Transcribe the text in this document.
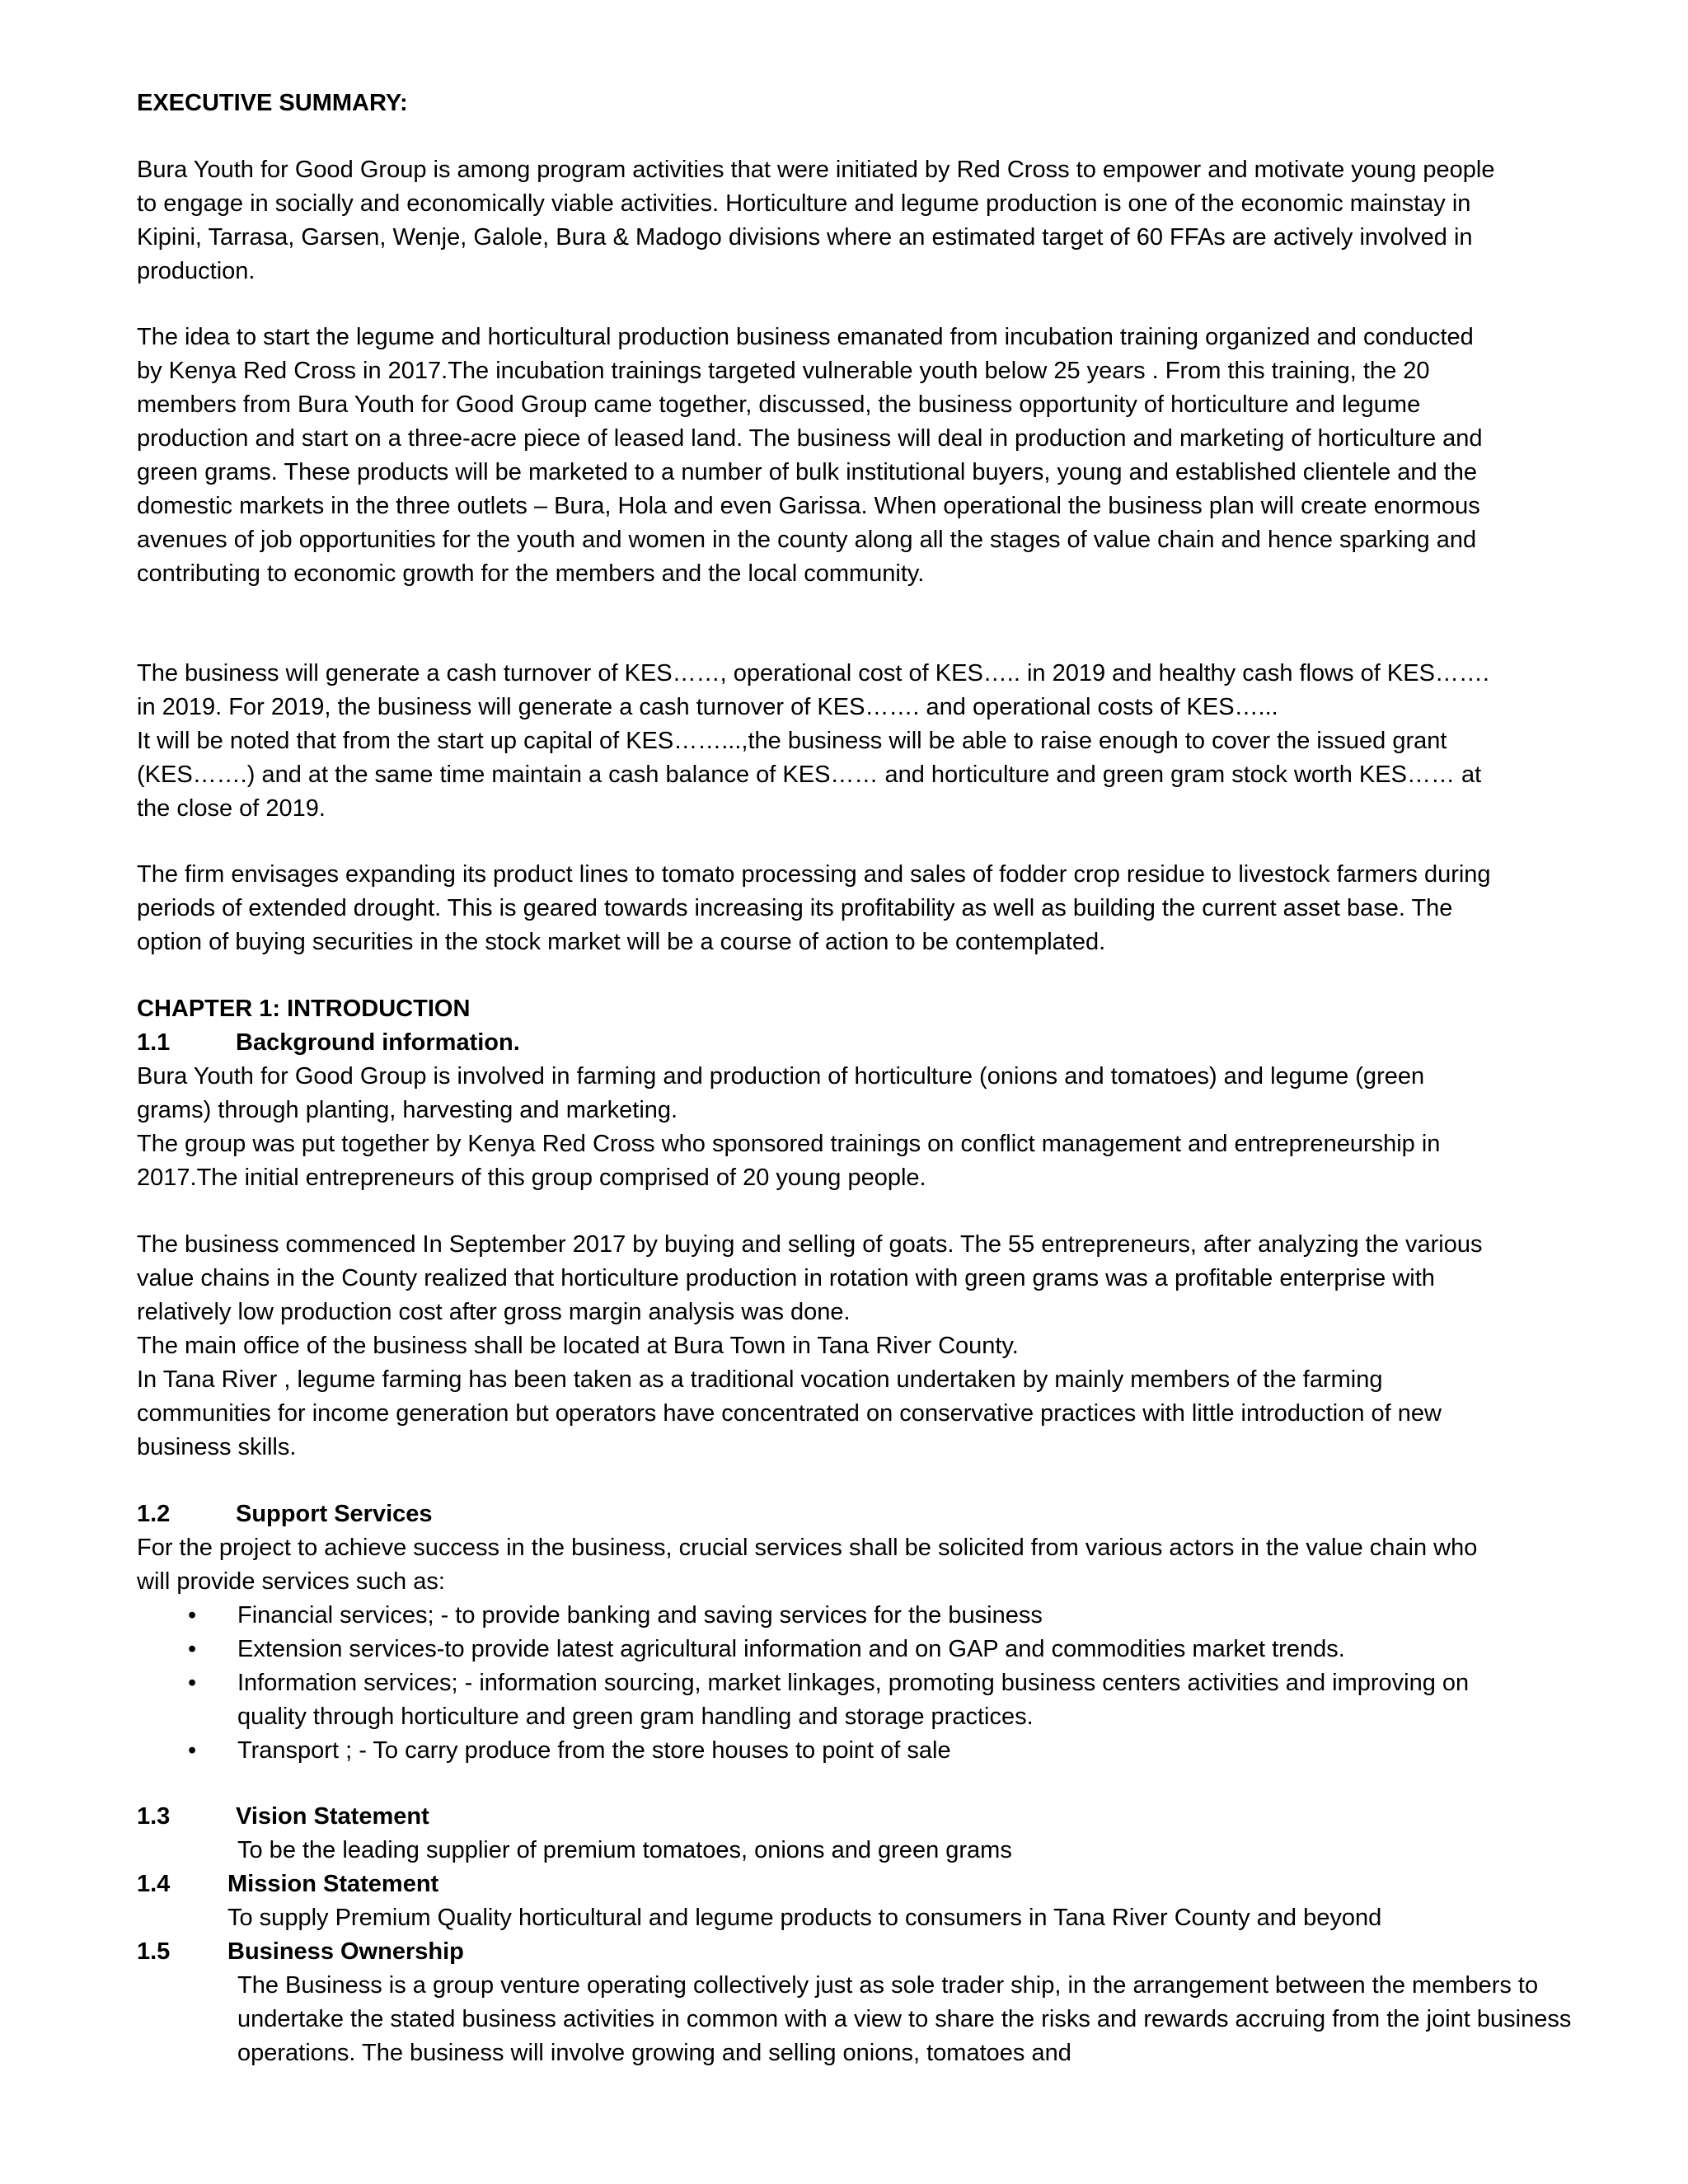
EXECUTIVE SUMMARY:

Bura Youth for Good Group is among program activities that were initiated by Red Cross to empower and motivate young people to engage in socially and economically viable activities. Horticulture and legume production is one of the economic mainstay in Kipini, Tarrasa, Garsen, Wenje, Galole, Bura & Madogo divisions where an estimated target of 60 FFAs are actively involved in production.

The idea to start the legume and horticultural production business emanated from incubation training organized and conducted by Kenya Red Cross in 2017.The incubation trainings targeted vulnerable youth below 25 years . From this training, the 20 members from Bura Youth for Good Group came together, discussed, the business opportunity of horticulture and legume production and start on a three-acre piece of leased land. The business will deal in production and marketing of horticulture and green grams. These products will be marketed to a number of bulk institutional buyers, young and established clientele and the domestic markets in the three outlets – Bura, Hola and even Garissa. When operational the business plan will create enormous avenues of job opportunities for the youth and women in the county along all the stages of value chain and hence sparking and contributing to economic growth for the members and the local community.

The business will generate a cash turnover of KES……, operational cost of KES….. in 2019 and healthy cash flows of KES……. in 2019. For 2019, the business will generate a cash turnover of KES……. and operational costs of KES…...

It will be noted that from the start up capital of KES……...,the business will be able to raise enough to cover the issued grant (KES…….) and at the same time maintain a cash balance of KES…… and horticulture and green gram stock worth KES…… at the close of 2019.

The firm envisages expanding its product lines to tomato processing and sales of fodder crop residue to livestock farmers during periods of extended drought. This is geared towards increasing its profitability as well as building the current asset base. The option of buying securities in the stock market will be a course of action to be contemplated.

CHAPTER 1: INTRODUCTION

1.1	Background information.

Bura Youth for Good Group is involved in farming and production of horticulture (onions and tomatoes) and legume (green grams) through planting, harvesting and marketing.

The group was put together by Kenya Red Cross who sponsored trainings on conflict management and entrepreneurship in 2017.The initial entrepreneurs of this group comprised of 20 young people.

The business commenced In September 2017 by buying and selling of goats. The 55 entrepreneurs, after analyzing the various value chains in the County realized that horticulture production in rotation with green grams was a profitable enterprise with relatively low production cost after gross margin analysis was done.

The main office of the business shall be located at Bura Town in Tana River County.

In Tana River , legume farming has been taken as a traditional vocation undertaken by mainly members of the farming communities for income generation but operators have concentrated on conservative practices with little introduction of new business skills.

1.2	Support Services

For the project to achieve success in the business, crucial services shall be solicited from various actors in the value chain who will provide services such as:

• Financial services; - to provide banking and saving services for the business
• Extension services-to provide latest agricultural information and on GAP and commodities market trends.
• Information services; - information sourcing, market linkages, promoting business centers activities and improving on quality through horticulture and green gram handling and storage practices.
• Transport ; - To carry produce from the store houses to point of sale

1.3	Vision Statement

To be the leading supplier of premium tomatoes, onions and green grams

1.4 Mission Statement

To supply Premium Quality horticultural and legume products to consumers in Tana River County and beyond

1.5 Business Ownership

The Business is a group venture operating collectively just as sole trader ship, in the arrangement between the members to undertake the stated business activities in common with a view to share the risks and rewards accruing from the joint business operations. The business will involve growing and selling onions, tomatoes and
